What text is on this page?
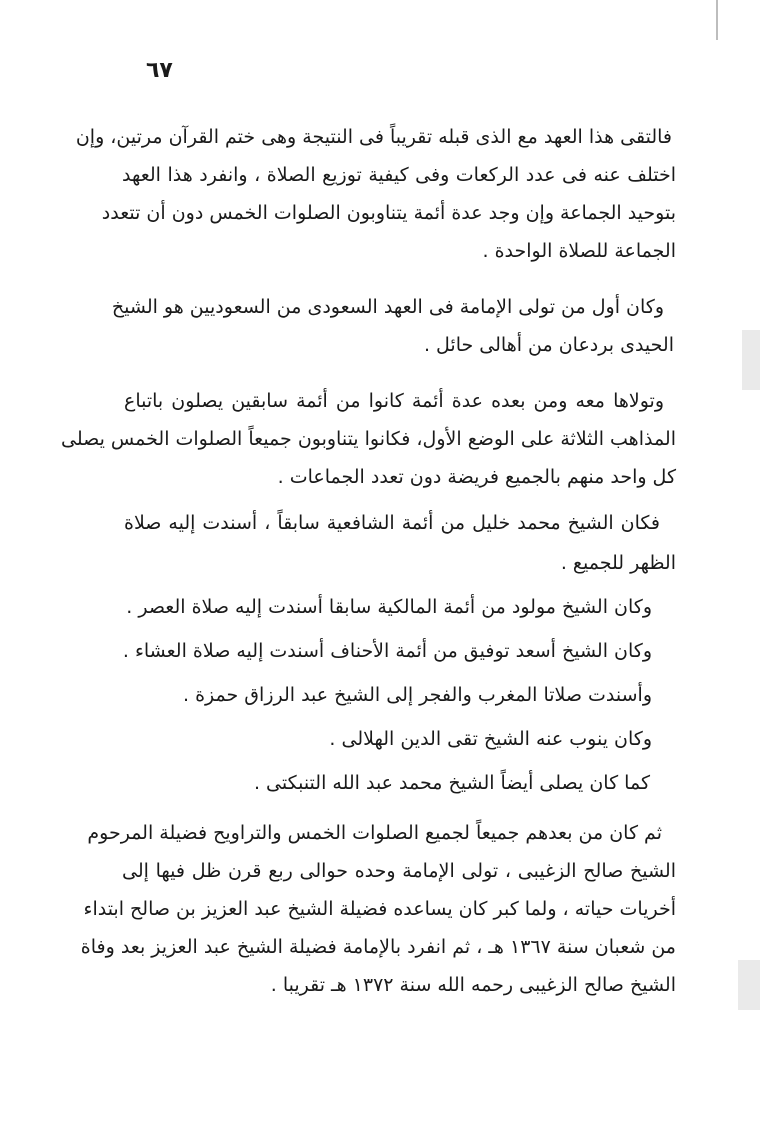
٦٧
فالتقى هذا العهد مع الذى قبله تقريباً فى النتيجة وهى ختم القرآن مرتين، وإن
اختلف عنه فى عدد الركعات وفى كيفية توزيع الصلاة ، وانفرد هذا العهد
بتوحيد الجماعة وإن وجد عدة أئمة يتناوبون الصلوات الخمس دون أن تتعدد
الجماعة للصلاة الواحدة .
وكان أول من تولى الإمامة فى العهد السعودى من السعوديين هو الشيخ
الحيدى بردعان من أهالى حائل .
وتولاها معه ومن بعده عدة أئمة كانوا من أئمة سابقين يصلون باتباع
المذاهب الثلاثة على الوضع الأول، فكانوا يتناوبون جميعاً الصلوات الخمس يصلى
كل واحد منهم بالجميع فريضة دون تعدد الجماعات .
فكان الشيخ محمد خليل من أئمة الشافعية سابقاً ، أسندت إليه صلاة
الظهر للجميع .
وكان الشيخ مولود من أئمة المالكية سابقا أسندت إليه صلاة العصر .
وكان الشيخ أسعد توفيق من أئمة الأحناف أسندت إليه صلاة العشاء .
وأسندت صلاتا المغرب والفجر إلى الشيخ عبد الرزاق حمزة .
وكان ينوب عنه الشيخ تقى الدين الهلالى .
كما كان يصلى أيضاً الشيخ محمد عبد الله التنبكتى .
ثم كان من بعدهم جميعاً لجميع الصلوات الخمس والتراويح فضيلة المرحوم
الشيخ صالح الزغيبى ، تولى الإمامة وحده حوالى ربع قرن ظل فيها إلى
أخريات حياته ، ولما كبر كان يساعده فضيلة الشيخ عبد العزيز بن صالح ابتداء
من شعبان سنة ١٣٦٧ هـ ، ثم انفرد بالإمامة فضيلة الشيخ عبد العزيز بعد وفاة
الشيخ صالح الزغيبى رحمه الله سنة ١٣٧٢ هـ تقريبا .
